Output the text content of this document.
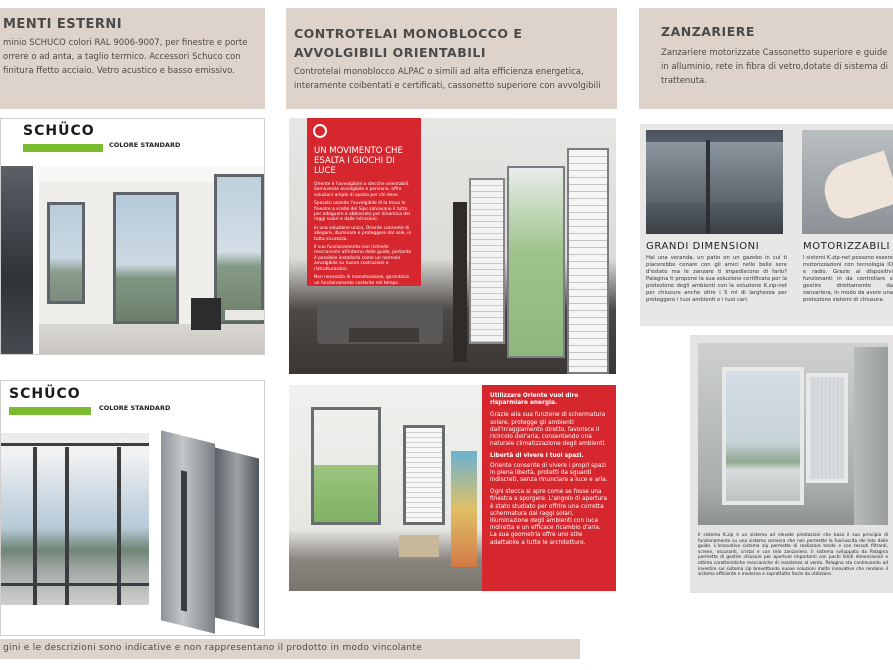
MENTI ESTERNI
minio SCHUCO colori RAL 9006-9007, per finestre e porte orrere o ad anta, a taglio termico. Accessori Schuco con finitura ffetto acciaio. Vetro acustico e basso emissivo.
CONTROTELAI MONOBLOCCO E AVVOLGIBILI ORIENTABILI
Controtelai monoblocco ALPAC o simili ad alta efficienza energetica, interamente coibentati e certificati, cassonetto superiore con avvolgibili
ZANZARIERE
Zanzariere motorizzate Cassonetto superiore e guide in alluminio, rete in fibra di vetro,dotate di sistema di trattenuta.
SCHÜCO
COLORE STANDARD
SCHÜCO
COLORE STANDARD
UN MOVIMENTO CHE ESALTA I GIOCHI DI LUCE

Oriente è l'avvolgibile a stecche orientabili. Semovente avvolgibile e persiana, offre soluzioni ampie di spazio per chi deve.

Sposato usando l'avvolgibile di la trova le finestre a scelte del Sipc salvavano il tutto per adeguare e abbassato per dinamica dei raggi solari e dalle intrusioni.

In una soluzione unica, Oriente consente di allegare, illuminare e proteggere dal sole, in tutta sicurezza.

Il suo funzionamento non richiede meccanismi all'interno delle guide, pertanto è possibile installarlo come un normale avvolgibile su nuove costruzioni e ristrutturazioni.

Non necessita di manutenzione, garantisce un funzionamento costante nel tempo.

Utilizzare Oriente vuol dire risparmiare energia.

Grazie alla sua funzione di schermatura solare, protegge gli ambienti dall'irraggiamento diretto, favorisce il ricircolo dell'aria, consentendo una naturale climatizzazione degli ambienti.

Libertà di vivere i tuoi spazi.

Oriente consente di vivere i propri spazi in piena libertà, protetti da sguardi indiscreti, senza rinunciare a luce e aria.

Ogni stecca si apre come se fosse una finestra a sporgere. L'angolo di apertura è stato studiato per offrire una corretta schermatura dai raggi solari, illuminazione degli ambienti con luce indiretta e un efficace ricambio d'aria. La sua geometria offre uno stile adattabile a tutte le architetture.

GRANDI DIMENSIONI
Hai una veranda, un patio on un gazebo in cui ti piacerebbe cenare con gli amici nelle belle sere d'estate ma le zanzare ti impediscono di farlo? Palagina ti propone la sua soluzione certificata per la protezione degli ambienti con la soluzione K.zip-net per chiusure anche oltre i 5 ml di larghezza per proteggere i tuoi ambienti e i tuoi cari.
MOTORIZZABILI
I sistemi K.zip-net possono essere motorizzazioni con tecnologia IO e radio. Grazie ai dispositivi funzionanti in da controllare e gestire direttamente da zanzariera, in modo da avere una protezione sistemi di chiusura.
Il sistema K.zip è un sistema ad elevate prestazioni che basa il suo principio di funzionamento su una sistema cerniera che non permette la fuoriuscita del telo dalle guide. L'innovativo sistema zip permette di realizzare tende e con tessuti filtranti, screen, oscuranti, cristal e con telo zanzariera. Il sistema sviluppato da Palagina permette di gestire chiusure per aperture importanti con pochi limiti dimensionali e ottima caratteristiche meccaniche di resistenza al vento. Palagina sta continuando ad investire sul sistema zip brevettando nuove soluzioni molto innovative che rendono il sistema efficiente e moderno e soprattutto facile da utilizzare.
gini e le descrizioni sono indicative e non rappresentano il prodotto in modo vincolante
